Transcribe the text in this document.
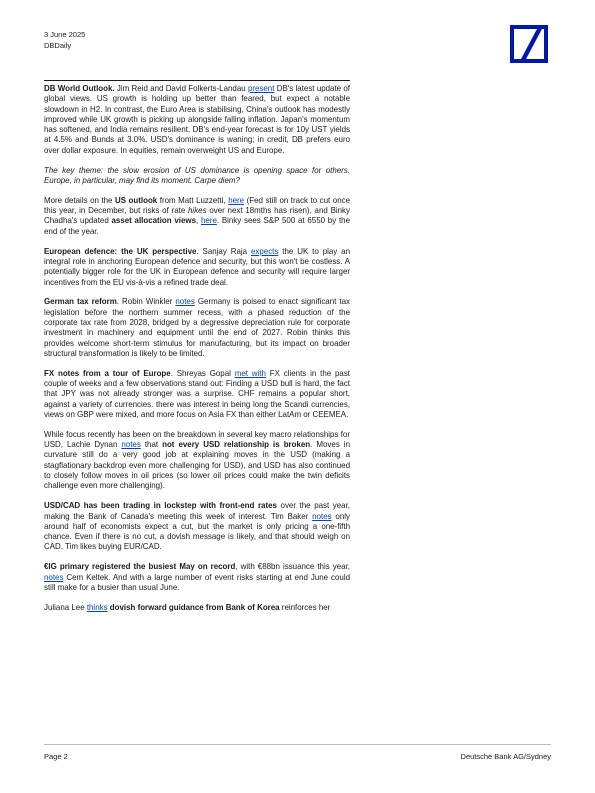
3 June 2025
DBDaily

DB World Outlook. Jim Reid and David Folkerts-Landau present DB's latest update of global views. US growth is holding up better than feared, but expect a notable slowdown in H2. In contrast, the Euro Area is stabilising, China's outlook has modestly improved while UK growth is picking up alongside falling inflation. Japan's momentum has softened, and India remains resilient. DB's end-year forecast is for 10y UST yields at 4.5% and Bunds at 3.0%. USD's dominance is waning; in credit, DB prefers euro over dollar exposure. In equities, remain overweight US and Europe.

The key theme: the slow erosion of US dominance is opening space for others. Europe, in particular, may find its moment. Carpe diem?

More details on the US outlook from Matt Luzzetti, here (Fed still on track to cut once this year, in December, but risks of rate hikes over next 18mths has risen), and Binky Chadha's updated asset allocation views, here. Binky sees S&P 500 at 6550 by the end of the year.

European defence: the UK perspective. Sanjay Raja expects the UK to play an integral role in anchoring European defence and security, but this won't be costless. A potentially bigger role for the UK in European defence and security will require larger incentives from the EU vis-à-vis a refined trade deal.

German tax reform. Robin Winkler notes Germany is poised to enact significant tax legislation before the northern summer recess, with a phased reduction of the corporate tax rate from 2028, bridged by a degressive depreciation rule for corporate investment in machinery and equipment until the end of 2027. Robin thinks this provides welcome short-term stimulus for manufacturing, but its impact on broader structural transformation is likely to be limited.

FX notes from a tour of Europe. Shreyas Gopal met with FX clients in the past couple of weeks and a few observations stand out: Finding a USD bull is hard, the fact that JPY was not already stronger was a surprise. CHF remains a popular short, against a variety of currencies. there was interest in being long the Scandi currencies, views on GBP were mixed, and more focus on Asia FX than either LatAm or CEEMEA.

While focus recently has been on the breakdown in several key macro relationships for USD, Lachie Dynan notes that not every USD relationship is broken. Moves in curvature still do a very good job at explaining moves in the USD (making a stagflationary backdrop even more challenging for USD), and USD has also continued to closely follow moves in oil prices (so lower oil prices could make the twin deficits challenge even more challenging).

USD/CAD has been trading in lockstep with front-end rates over the past year, making the Bank of Canada's meeting this week of interest. Tim Baker notes only around half of economists expect a cut, but the market is only pricing a one-fifth chance. Even if there is no cut, a dovish message is likely, and that should weigh on CAD. Tim likes buying EUR/CAD.

€IG primary registered the busiest May on record, with €88bn issuance this year, notes Cem Keltek. And with a large number of event risks starting at end June could still make for a busier than usual June.

Juliana Lee thinks dovish forward guidance from Bank of Korea reinforces her

Page 2	Deutsche Bank AG/Sydney
